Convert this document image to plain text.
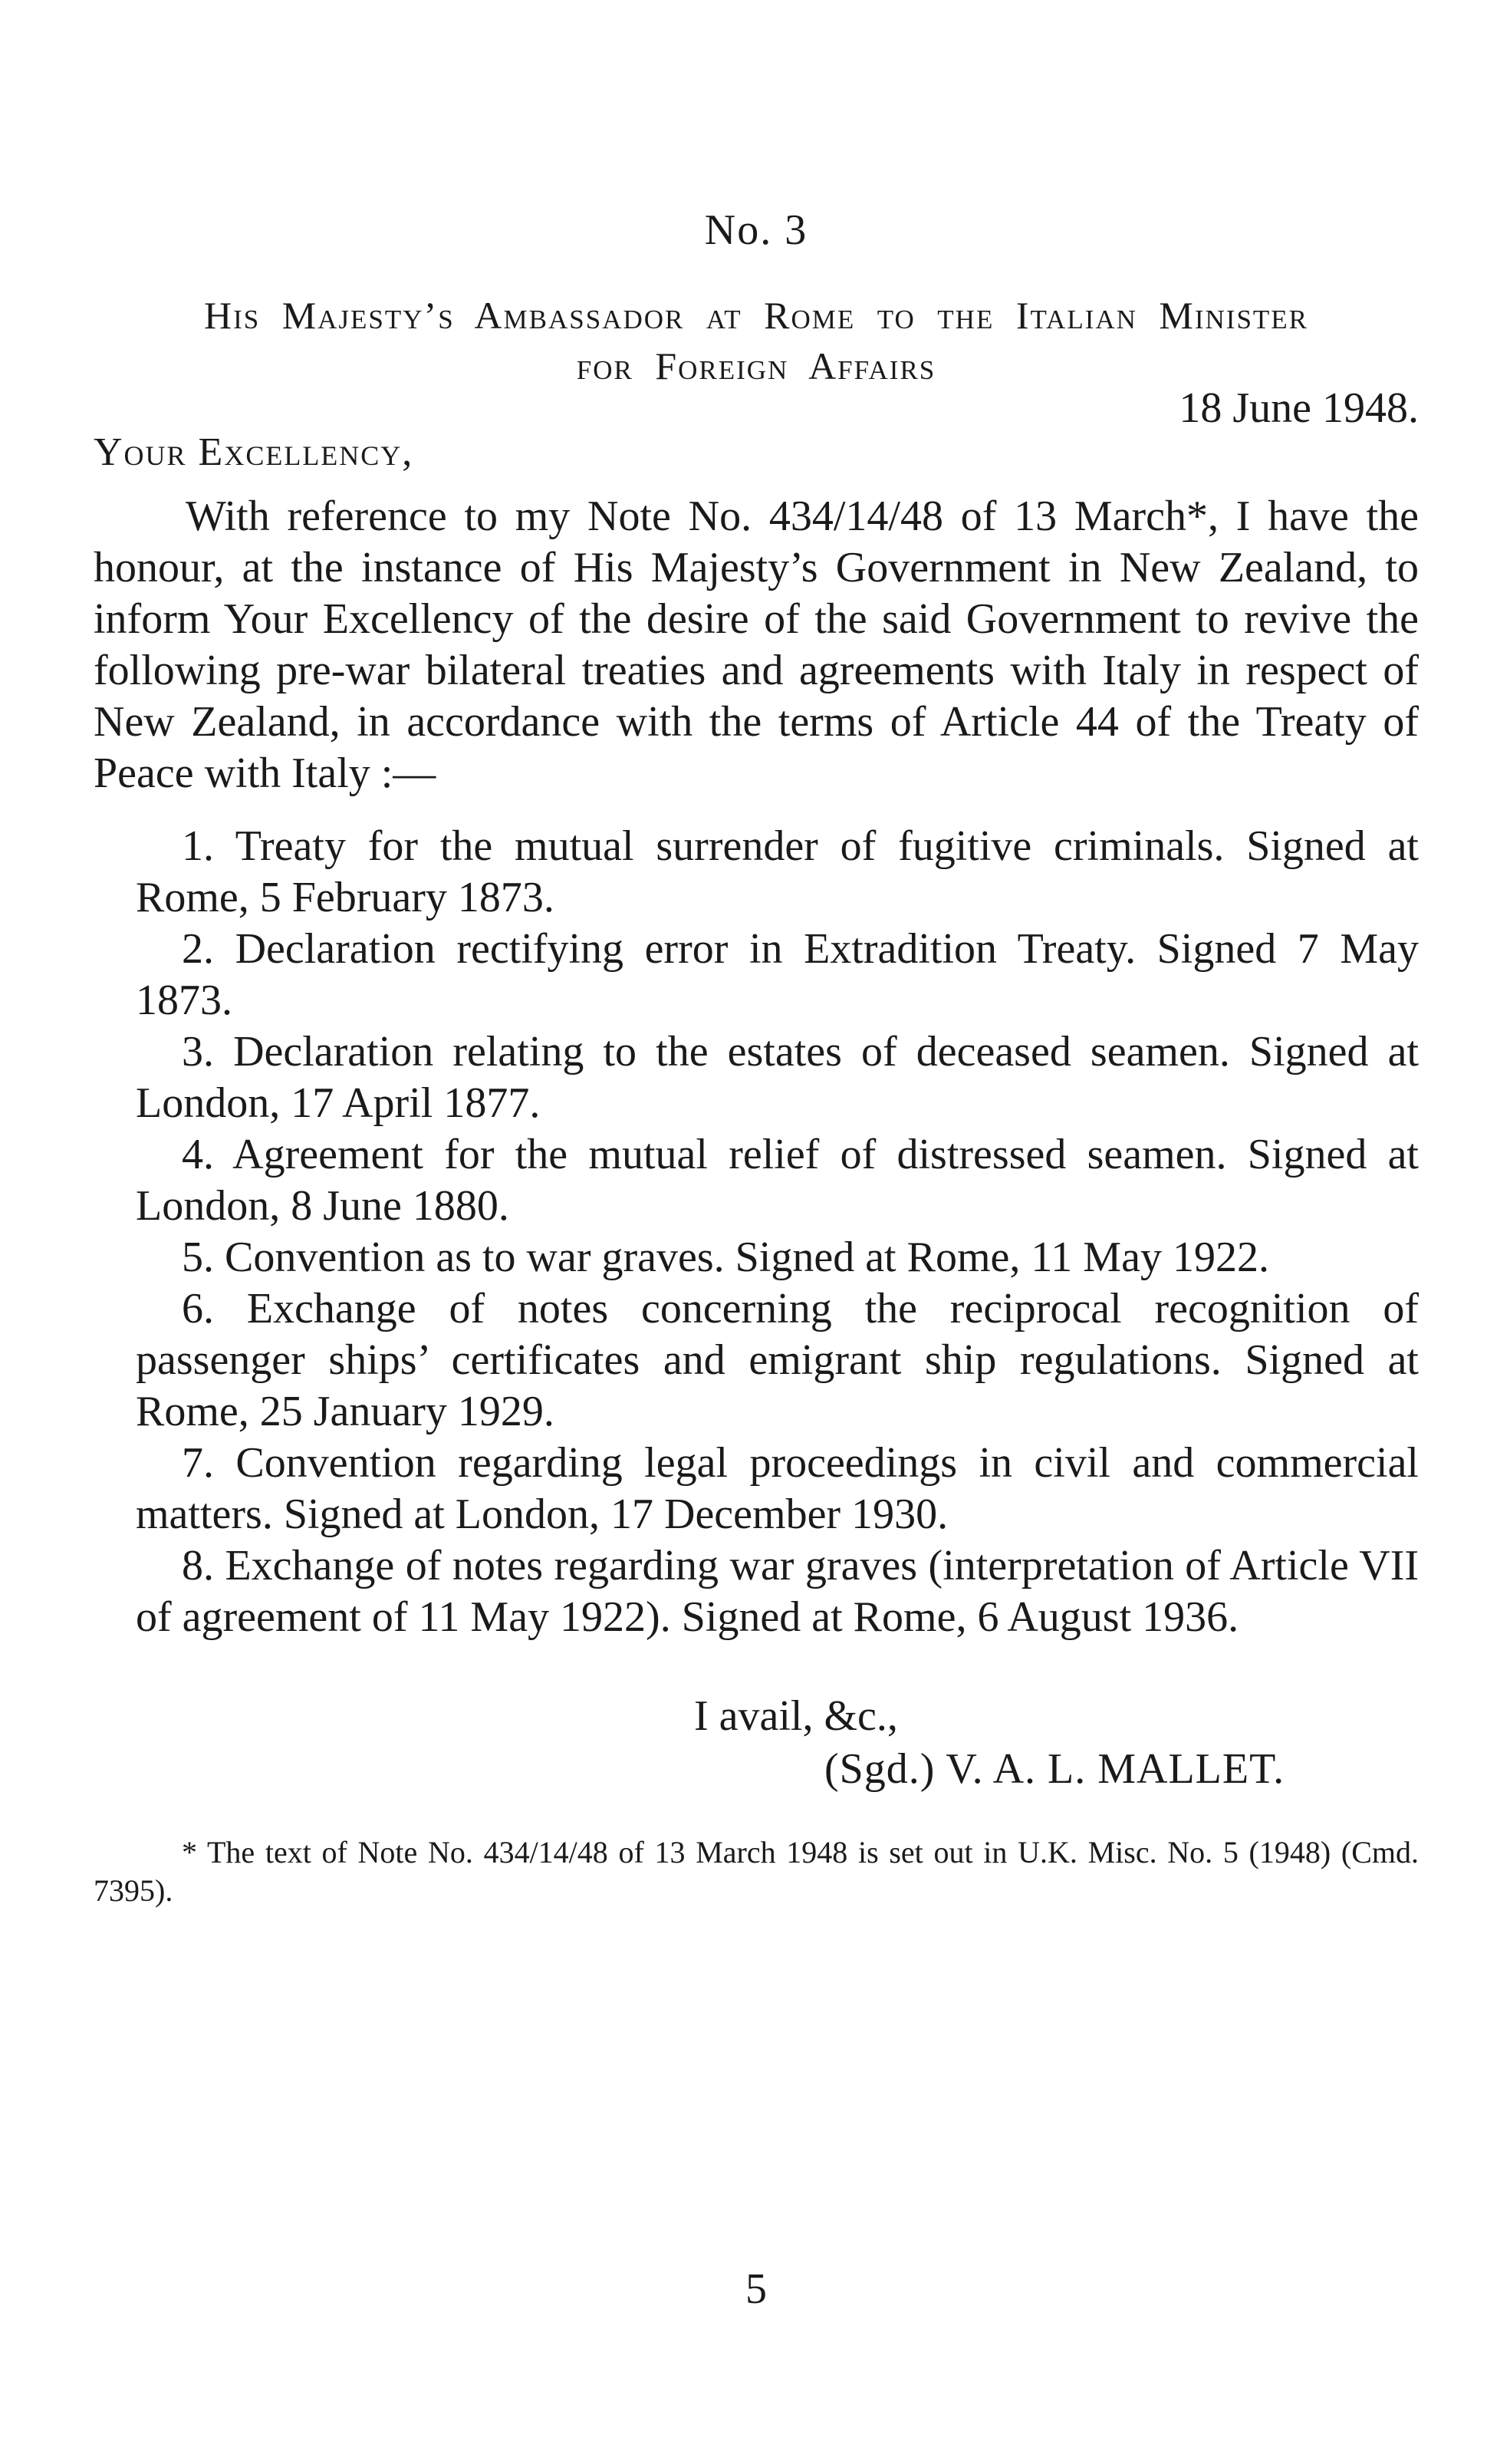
No. 3
His Majesty’s Ambassador at Rome to the Italian Minister
for Foreign Affairs
18 June 1948.
Your Excellency,

With reference to my Note No. 434/14/48 of 13 March*, I have the honour, at the instance of His Majesty’s Government in New Zealand, to inform Your Excellency of the desire of the said Government to revive the following pre-war bilateral treaties and agreements with Italy in respect of New Zealand, in accordance with the terms of Article 44 of the Treaty of Peace with Italy :—

1. Treaty for the mutual surrender of fugitive criminals. Signed at Rome, 5 February 1873.
2. Declaration rectifying error in Extradition Treaty. Signed 7 May 1873.
3. Declaration relating to the estates of deceased seamen. Signed at London, 17 April 1877.
4. Agreement for the mutual relief of distressed seamen. Signed at London, 8 June 1880.
5. Convention as to war graves. Signed at Rome, 11 May 1922.
6. Exchange of notes concerning the reciprocal recognition of passenger ships’ certificates and emigrant ship regulations. Signed at Rome, 25 January 1929.
7. Convention regarding legal proceedings in civil and commercial matters. Signed at London, 17 December 1930.
8. Exchange of notes regarding war graves (interpretation of Article VII of agreement of 11 May 1922). Signed at Rome, 6 August 1936.
I avail, &c.,
(Sgd.) V. A. L. MALLET.

* The text of Note No. 434/14/48 of 13 March 1948 is set out in U.K. Misc. No. 5 (1948) (Cmd. 7395).

5
